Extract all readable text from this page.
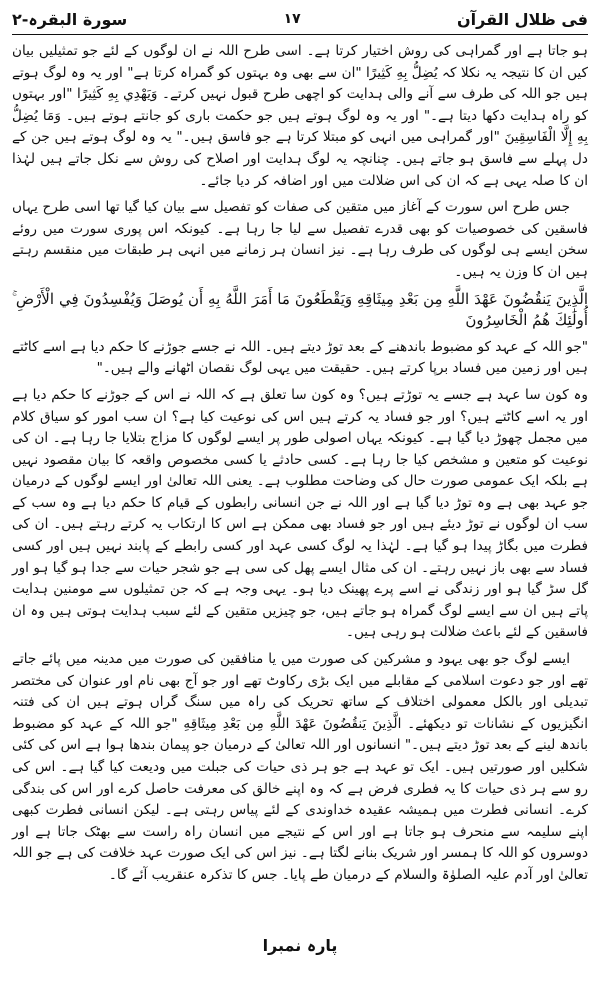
سورة البقرہ-۲	۱۷	فی ظلال القرآن

ہو جاتا ہے اور گمراہی کی روش اختیار کرتا ہے۔ اسی طرح اللہ نے ان لوگوں کے لئے جو تمثیلیں بیان کیں ان کا نتیجہ یہ نکلا کہ يُضِلُّ بِهِ كَثِيرًا "ان سے بھی وہ بہتوں کو گمراہ کرتا ہے" اور یہ وہ لوگ ہوتے ہیں جو اللہ کی طرف سے آنے والی ہدایت کو اچھی طرح قبول نہیں کرتے۔ وَيَهْدِي بِهِ كَثِيرًا "اور بہتوں کو راہ ہدایت دکھا دیتا ہے۔" اور یہ وہ لوگ ہوتے ہیں جو حکمت باری کو جانتے ہوتے ہیں۔ وَمَا يُضِلُّ بِهِ إِلَّا الْفَاسِقِينَ "اور گمراہی میں انہی کو مبتلا کرتا ہے جو فاسق ہیں۔" یہ وہ لوگ ہوتے ہیں جن کے دل پہلے سے فاسق ہو جاتے ہیں۔ چنانچہ یہ لوگ ہدایت اور اصلاح کی روش سے نکل جاتے ہیں لہٰذا ان کا صلہ یہی ہے کہ ان کی اس ضلالت میں اور اضافہ کر دیا جائے۔

جس طرح اس سورت کے آغاز میں متقین کی صفات کو تفصیل سے بیان کیا گیا تھا اسی طرح یہاں فاسقین کی خصوصیات کو بھی قدرے تفصیل سے لیا جا رہا ہے۔ کیونکہ اس پوری سورت میں روئے سخن ایسے ہی لوگوں کی طرف رہا ہے۔ نیز انسان ہر زمانے میں انہی ہر طبقات میں منقسم رہتے ہیں ان کا وزن یہ ہیں۔

الَّذِينَ يَنقُضُونَ عَهْدَ اللَّهِ مِن بَعْدِ مِيثَاقِهِ وَيَقْطَعُونَ مَا أَمَرَ اللَّهُ بِهِ أَن يُوصَلَ وَيُفْسِدُونَ فِي الْأَرْضِ ۚ أُولَٰئِكَ هُمُ الْخَاسِرُونَ

"جو اللہ کے عہد کو مضبوط باندھنے کے بعد توڑ دیتے ہیں۔ اللہ نے جسے جوڑنے کا حکم دیا ہے اسے کاٹتے ہیں اور زمین میں فساد برپا کرتے ہیں۔ حقیقت میں یہی لوگ نقصان اٹھانے والے ہیں۔"

وہ کون سا عہد ہے جسے یہ توڑتے ہیں؟ وہ کون سا تعلق ہے کہ اللہ نے اس کے جوڑنے کا حکم دیا ہے اور یہ اسے کاٹتے ہیں؟ اور جو فساد یہ کرتے ہیں اس کی نوعیت کیا ہے؟ ان سب امور کو سیاق کلام میں مجمل چھوڑ دیا گیا ہے۔ کیونکہ یہاں اصولی طور پر ایسے لوگوں کا مزاج بتلایا جا رہا ہے۔ ان کی نوعیت کو متعین و مشخص کیا جا رہا ہے۔ کسی حادثے یا کسی مخصوص واقعہ کا بیان مقصود نہیں ہے بلکہ ایک عمومی صورت حال کی وضاحت مطلوب ہے۔ یعنی اللہ تعالیٰ اور ایسے لوگوں کے درمیان جو عہد بھی ہے وہ توڑ دیا گیا ہے اور اللہ نے جن انسانی رابطوں کے قیام کا حکم دیا ہے وہ سب کے سب ان لوگوں نے توڑ دیئے ہیں اور جو فساد بھی ممکن ہے اس کا ارتکاب یہ کرتے رہتے ہیں۔ ان کی فطرت میں بگاڑ پیدا ہو گیا ہے۔ لہٰذا یہ لوگ کسی عہد اور کسی رابطے کے پابند نہیں ہیں اور کسی فساد سے بھی باز نہیں رہتے۔ ان کی مثال ایسے پھل کی سی ہے جو شجر حیات سے جدا ہو گیا ہو اور گل سڑ گیا ہو اور زندگی نے اسے پرے پھینک دیا ہو۔ یہی وجہ ہے کہ جن تمثیلوں سے مومنین ہدایت پاتے ہیں ان سے ایسے لوگ گمراہ ہو جاتے ہیں، جو چیزیں متقین کے لئے سبب ہدایت ہوتی ہیں وہ ان فاسقین کے لئے باعث ضلالت ہو رہی ہیں۔

ایسے لوگ جو بھی یہود و مشرکین کی صورت میں یا منافقین کی صورت میں مدینہ میں پائے جاتے تھے اور جو دعوت اسلامی کے مقابلے میں ایک بڑی رکاوٹ تھے اور جو آج بھی نام اور عنوان کی مختصر تبدیلی اور بالکل معمولی اختلاف کے ساتھ تحریک کی راہ میں سنگ گراں ہوتے ہیں ان کی فتنہ انگیزیوں کے نشانات تو دیکھئے۔ الَّذِينَ يَنقُضُونَ عَهْدَ اللَّهِ مِن بَعْدِ مِيثَاقِهِ "جو اللہ کے عہد کو مضبوط باندھ لینے کے بعد توڑ دیتے ہیں۔" انسانوں اور اللہ تعالیٰ کے درمیان جو پیمان بندھا ہوا ہے اس کی کئی شکلیں اور صورتیں ہیں۔ ایک تو عہد ہے جو ہر ذی حیات کی جبلت میں ودیعت کیا گیا ہے۔ اس کی رو سے ہر ذی حیات کا یہ فطری فرض ہے کہ وہ اپنے خالق کی معرفت حاصل کرے اور اس کی بندگی کرے۔ انسانی فطرت میں ہمیشہ عقیدہ خداوندی کے لئے پیاس رہتی ہے۔ لیکن انسانی فطرت کبھی اپنے سلیمہ سے منحرف ہو جاتا ہے اور اس کے نتیجے میں انسان راہ راست سے بھٹک جاتا ہے اور دوسروں کو اللہ کا ہمسر اور شریک بنانے لگتا ہے۔ نیز اس کی ایک صورت عہد خلافت کی ہے جو اللہ تعالیٰ اور آدم علیہ الصلوٰۃ والسلام کے درمیان طے پایا۔ جس کا تذکرہ عنقریب آئے گا۔

پارہ نمبرا
